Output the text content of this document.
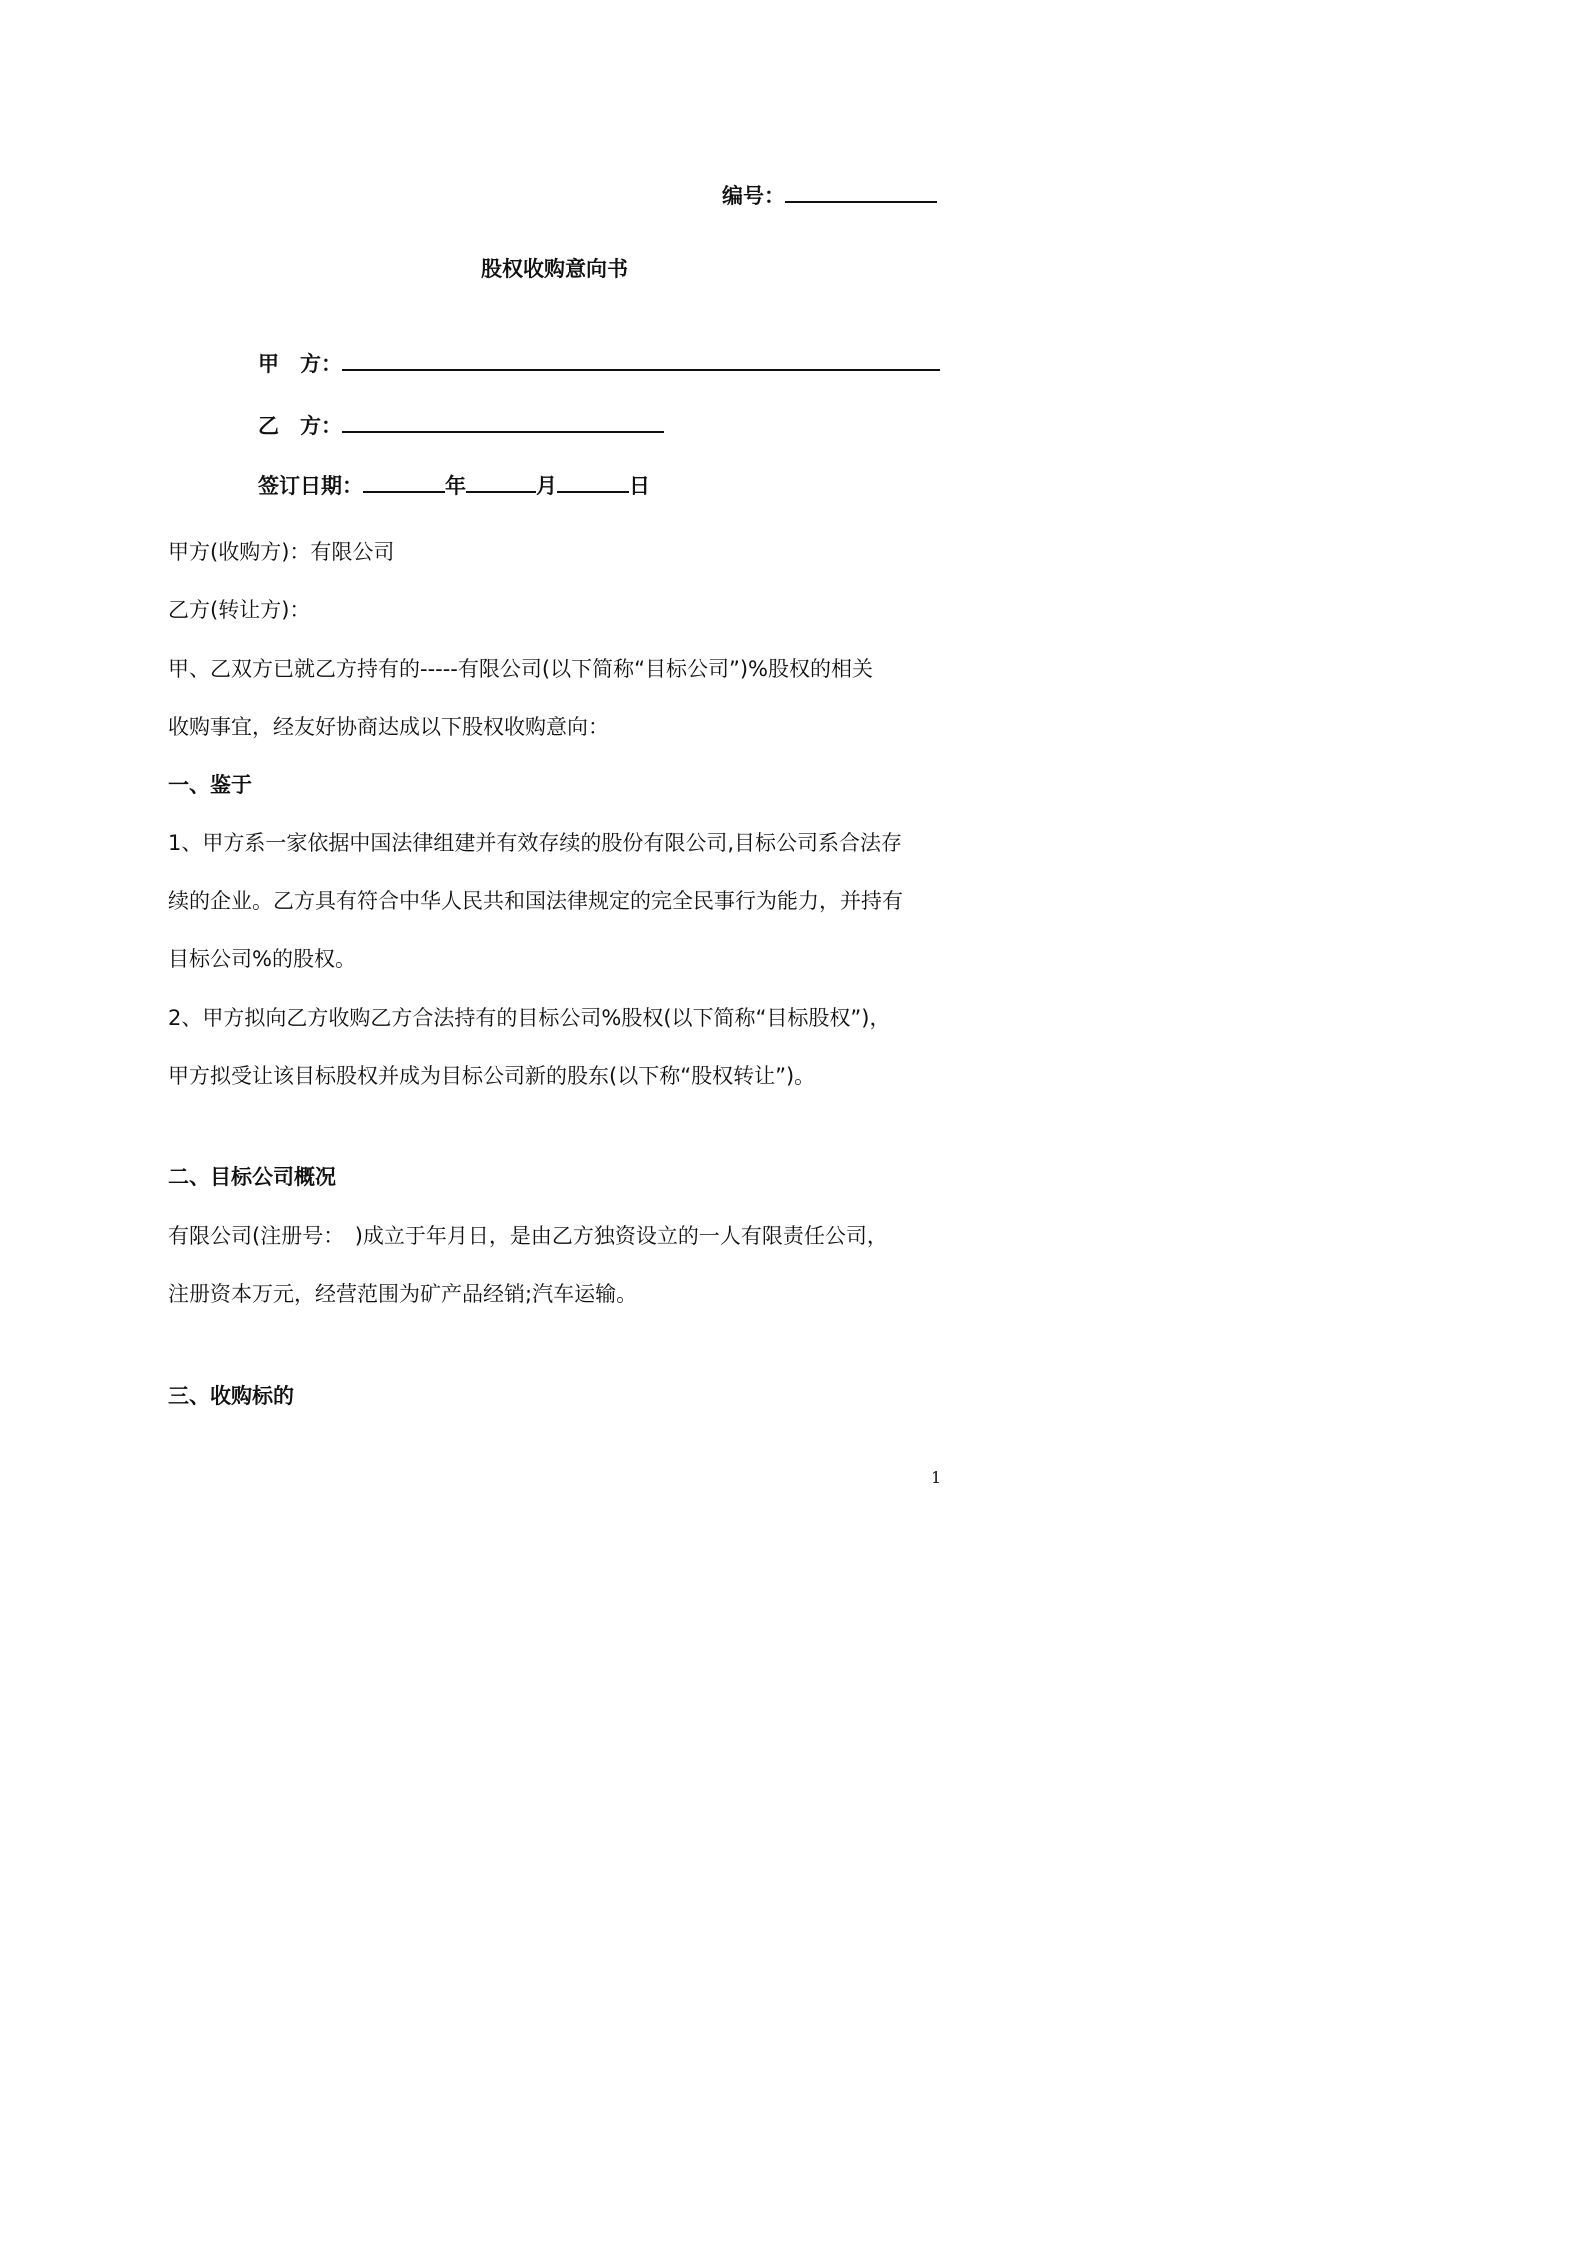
编号：
股权收购意向书
甲　方：
乙　方：
签订日期：	年	月	日
甲方(收购方)：有限公司
乙方(转让方)：
甲、乙双方已就乙方持有的-----有限公司(以下简称“目标公司”)%股权的相关
收购事宜，经友好协商达成以下股权收购意向：
一、鉴于
1、甲方系一家依据中国法律组建并有效存续的股份有限公司,目标公司系合法存
续的企业。乙方具有符合中华人民共和国法律规定的完全民事行为能力，并持有
目标公司%的股权。
2、甲方拟向乙方收购乙方合法持有的目标公司%股权(以下简称“目标股权”)，
甲方拟受让该目标股权并成为目标公司新的股东(以下称“股权转让”)。
二、目标公司概况
有限公司(注册号：　)成立于年月日，是由乙方独资设立的一人有限责任公司，
注册资本万元，经营范围为矿产品经销;汽车运输。
三、收购标的
1
